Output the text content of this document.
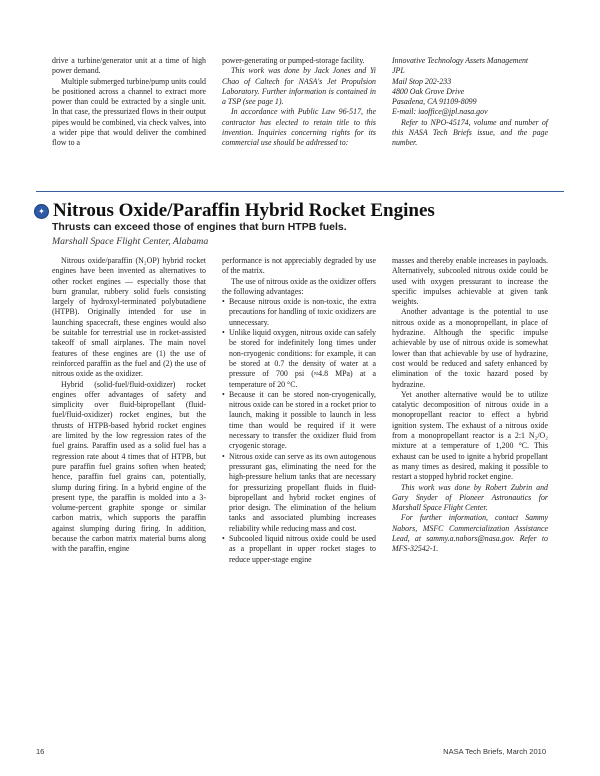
drive a turbine/generator unit at a time of high power demand.

Multiple submerged turbine/pump units could be positioned across a channel to extract more power than could be extracted by a single unit. In that case, the pressurized flows in their output pipes would be combined, via check valves, into a wider pipe that would deliver the combined flow to a

power-generating or pumped-storage facility.

This work was done by Jack Jones and Yi Chao of Caltech for NASA's Jet Propulsion Laboratory. Further information is contained in a TSP (see page 1).

In accordance with Public Law 96-517, the contractor has elected to retain title to this invention. Inquiries concerning rights for its commercial use should be addressed to:

Innovative Technology Assets Management

JPL

Mail Stop 202-233

4800 Oak Grove Drive

Pasadena, CA 91109-8099

E-mail: iaoffice@jpl.nasa.gov

Refer to NPO-45174, volume and number of this NASA Tech Briefs issue, and the page number.

✦ Nitrous Oxide/Paraffin Hybrid Rocket Engines
Thrusts can exceed those of engines that burn HTPB fuels.
Marshall Space Flight Center, Alabama

Nitrous oxide/paraffin (N₂OP) hybrid rocket engines have been invented as alternatives to other rocket engines — especially those that burn granular, rubbery solid fuels consisting largely of hydroxyl-terminated polybutadiene (HTPB). Originally intended for use in launching spacecraft, these engines would also be suitable for terrestrial use in rocket-assisted takeoff of small airplanes. The main novel features of these engines are (1) the use of reinforced paraffin as the fuel and (2) the use of nitrous oxide as the oxidizer.

Hybrid (solid-fuel/fluid-oxidizer) rocket engines offer advantages of safety and simplicity over fluid-bipropellant (fluid-fuel/fluid-oxidizer) rocket engines, but the thrusts of HTPB-based hybrid rocket engines are limited by the low regression rates of the fuel grains. Paraffin used as a solid fuel has a regression rate about 4 times that of HTPB, but pure paraffin fuel grains soften when heated; hence, paraffin fuel grains can, potentially, slump during firing. In a hybrid engine of the present type, the paraffin is molded into a 3-volume-percent graphite sponge or similar carbon matrix, which supports the paraffin against slumping during firing. In addition, because the carbon matrix material burns along with the paraffin, engine

performance is not appreciably degraded by use of the matrix.

The use of nitrous oxide as the oxidizer offers the following advantages:

• Because nitrous oxide is non-toxic, the extra precautions for handling of toxic oxidizers are unnecessary.
• Unlike liquid oxygen, nitrous oxide can safely be stored for indefinitely long times under non-cryogenic conditions: for example, it can be stored at 0.7 the density of water at a pressure of 700 psi (≈4.8 MPa) at a temperature of 20 °C.
• Because it can be stored non-cryogenically, nitrous oxide can be stored in a rocket prior to launch, making it possible to launch in less time than would be required if it were necessary to transfer the oxidizer fluid from cryogenic storage.
• Nitrous oxide can serve as its own autogenous pressurant gas, eliminating the need for the high-pressure helium tanks that are necessary for pressurizing propellant fluids in fluid-bipropellant and hybrid rocket engines of prior design. The elimination of the helium tanks and associated plumbing increases reliability while reducing mass and cost.
• Subcooled liquid nitrous oxide could be used as a propellant in upper rocket stages to reduce upper-stage engine

masses and thereby enable increases in payloads. Alternatively, subcooled nitrous oxide could be used with oxygen pressurant to increase the specific impulses achievable at given tank weights.

Another advantage is the potential to use nitrous oxide as a monopropellant, in place of hydrazine. Although the specific impulse achievable by use of nitrous oxide is somewhat lower than that achievable by use of hydrazine, cost would be reduced and safety enhanced by elimination of the toxic hazard posed by hydrazine.

Yet another alternative would be to utilize catalytic decomposition of nitrous oxide in a monopropellant reactor to effect a hybrid ignition system. The exhaust of a nitrous oxide from a monopropellant reactor is a 2:1 N₂/O₂ mixture at a temperature of 1,200 °C. This exhaust can be used to ignite a hybrid propellant as many times as desired, making it possible to restart a stopped hybrid rocket engine.

This work was done by Robert Zubrin and Gary Snyder of Pioneer Astronautics for Marshall Space Flight Center.

For further information, contact Sammy Nabors, MSFC Commercialization Assistance Lead, at sammy.a.nabors@nasa.gov. Refer to MFS-32542-1.

16	NASA Tech Briefs, March 2010
